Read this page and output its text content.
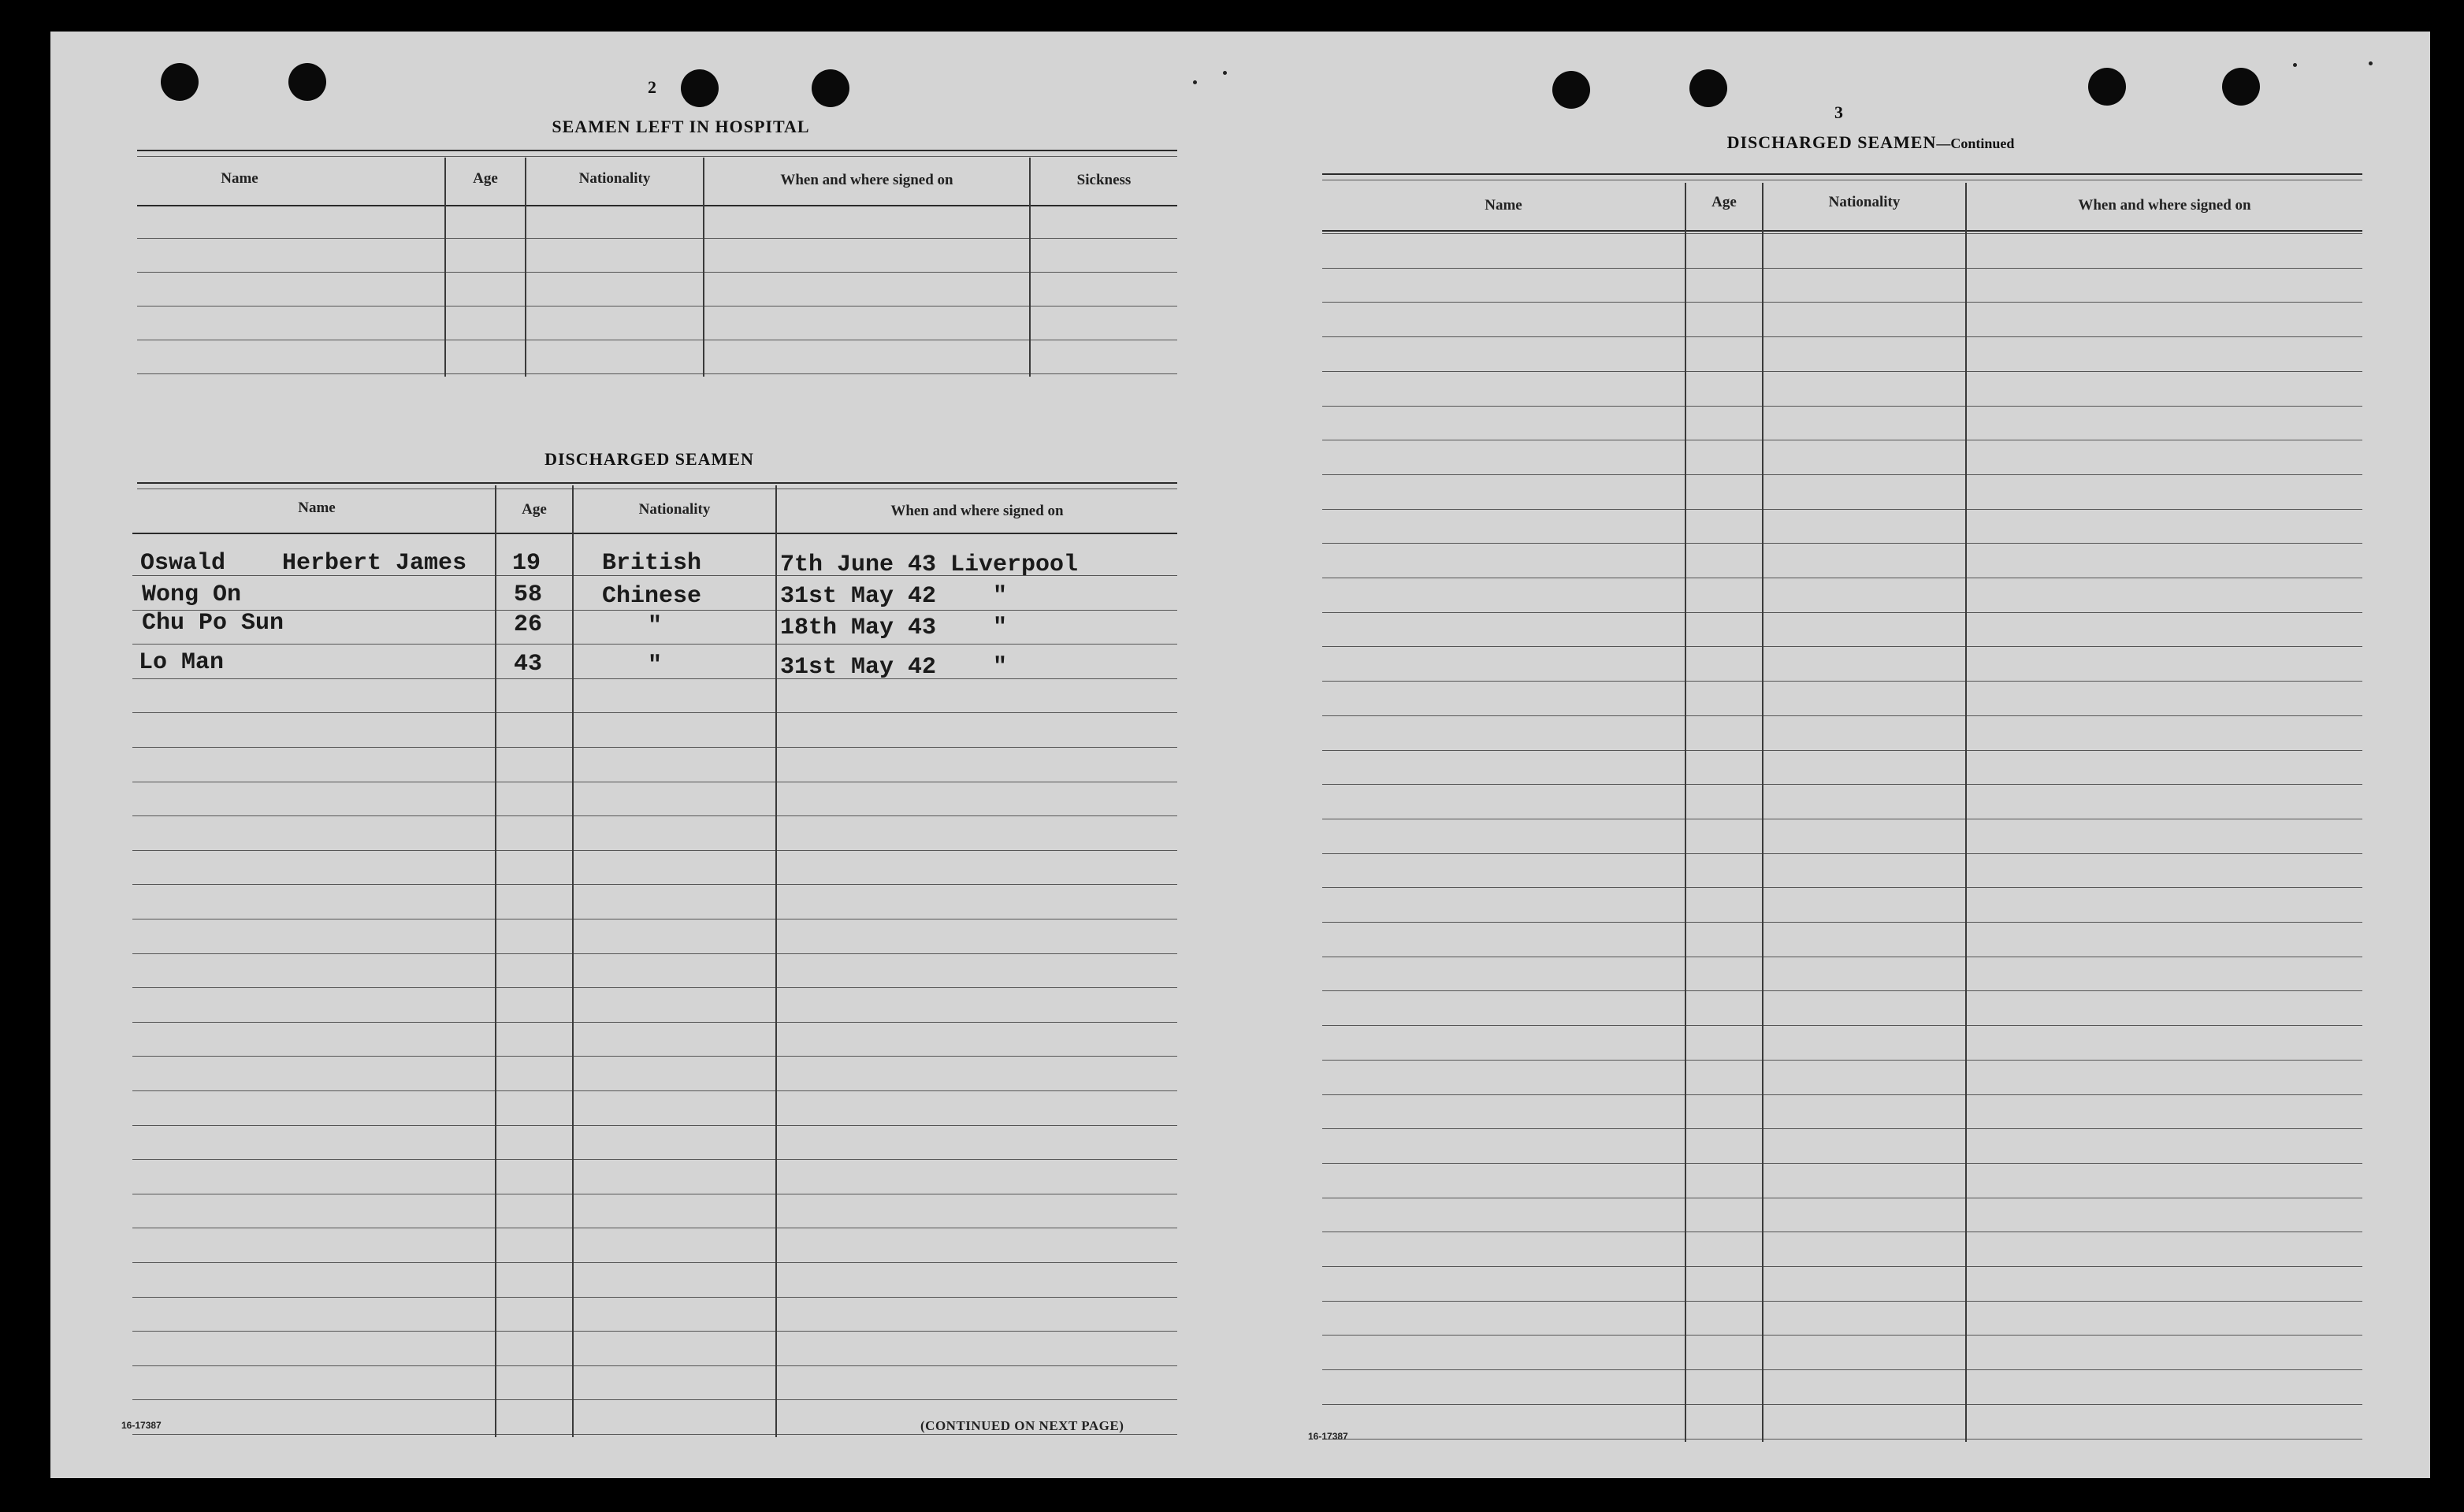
2
SEAMEN LEFT IN HOSPITAL
Name	Age	Nationality	When and where signed on	Sickness
DISCHARGED SEAMEN
Name	Age	Nationality	When and where signed on
Oswald    Herbert James 19	British	7th June 43 Liverpool
Wong On	58	Chinese	31st May 42    "
Chu Po Sun	26	"	18th May 43    "
Lo Man	43	"	31st May 42    "
16-17387	(CONTINUED ON NEXT PAGE)
3
DISCHARGED SEAMEN—Continued
Name	Age	Nationality	When and where signed on
16-17387
